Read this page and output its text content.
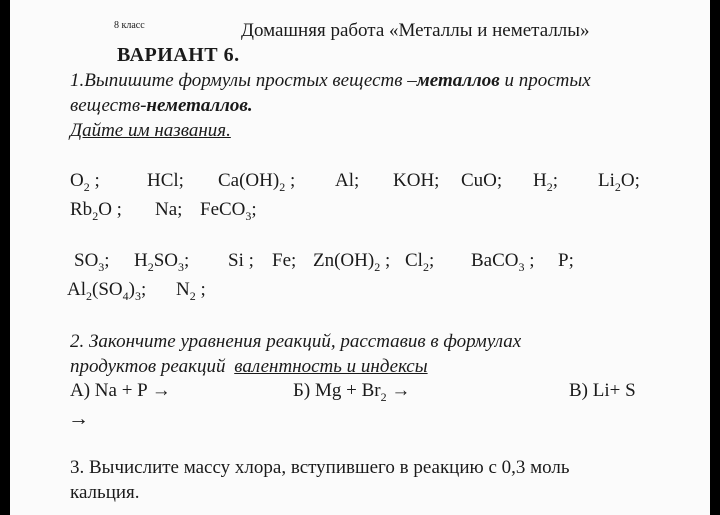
8 класс	Домашняя работа «Металлы и неметаллы»
ВАРИАНТ 6.
1.Выпишите формулы простых веществ –металлов и простых
веществ-неметаллов.
Дайте им названия.
$O_2$ ; HCl; $Ca(OH)_2$ ; Al; KOH; CuO; $H_2$; $Li_2O$;
$Rb_2O$ ; Na; FeCO$_3$;
$SO_3$; $H_2SO_3$; Si ; Fe; $Zn(OH)_2$ ; $Cl_2$; BaCO$_3$ ; P;
$Al_2(SO_4)_3$; $N_2$ ;
2. Закончите уравнения реакций, расставив в формулах
продуктов реакций валентность и индексы
А) Na + P →	Б) $Mg + Br_2$ →	В) Li+ S
→
3. Вычислите массу хлора, вступившего в реакцию с 0,3 моль
кальция.
